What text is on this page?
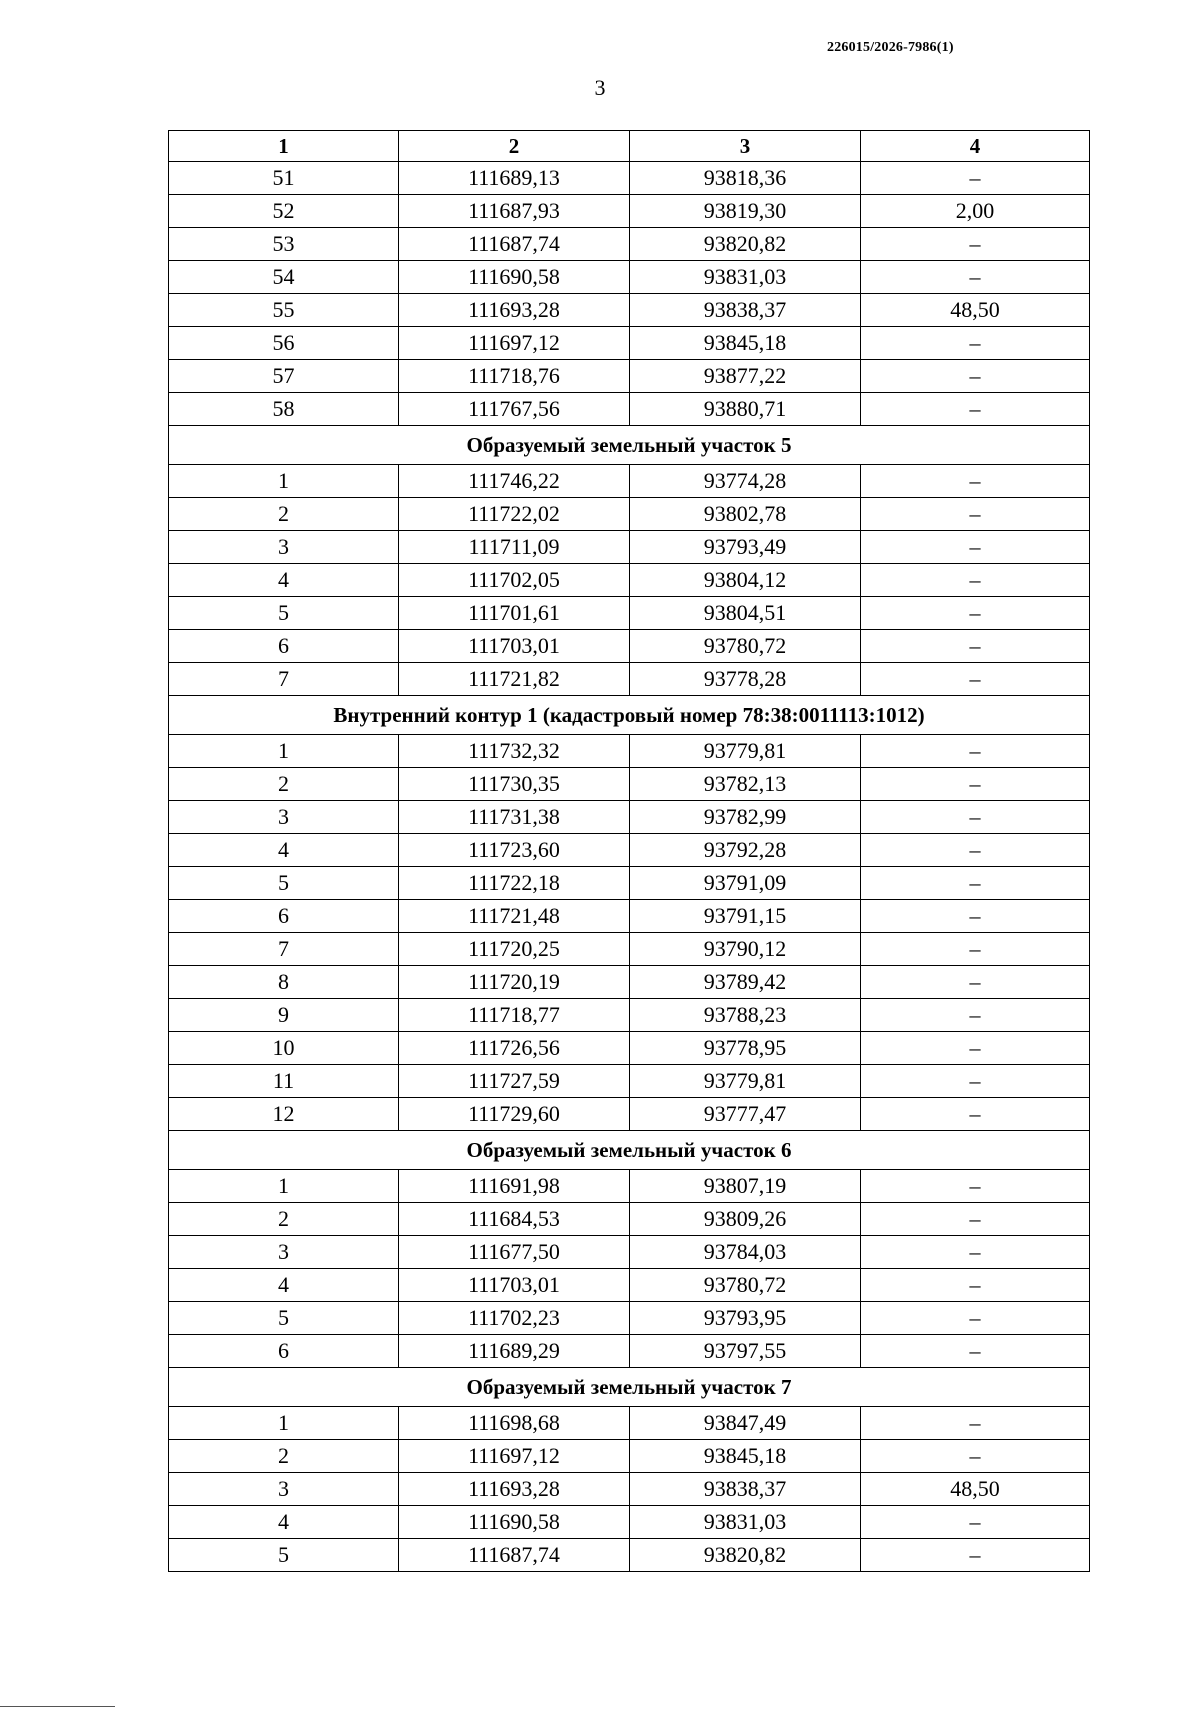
226015/2026-7986(1)
3
1	2	3	4
51	111689,13	93818,36	–
52	111687,93	93819,30	2,00
53	111687,74	93820,82	–
54	111690,58	93831,03	–
55	111693,28	93838,37	48,50
56	111697,12	93845,18	–
57	111718,76	93877,22	–
58	111767,56	93880,71	–
Образуемый земельный участок 5			
1	111746,22	93774,28	–
2	111722,02	93802,78	–
3	111711,09	93793,49	–
4	111702,05	93804,12	–
5	111701,61	93804,51	–
6	111703,01	93780,72	–
7	111721,82	93778,28	–
Внутренний контур 1 (кадастровый номер 78:38:0011113:1012)			
1	111732,32	93779,81	–
2	111730,35	93782,13	–
3	111731,38	93782,99	–
4	111723,60	93792,28	–
5	111722,18	93791,09	–
6	111721,48	93791,15	–
7	111720,25	93790,12	–
8	111720,19	93789,42	–
9	111718,77	93788,23	–
10	111726,56	93778,95	–
11	111727,59	93779,81	–
12	111729,60	93777,47	–
Образуемый земельный участок 6			
1	111691,98	93807,19	–
2	111684,53	93809,26	–
3	111677,50	93784,03	–
4	111703,01	93780,72	–
5	111702,23	93793,95	–
6	111689,29	93797,55	–
Образуемый земельный участок 7			
1	111698,68	93847,49	–
2	111697,12	93845,18	–
3	111693,28	93838,37	48,50
4	111690,58	93831,03	–
5	111687,74	93820,82	–
